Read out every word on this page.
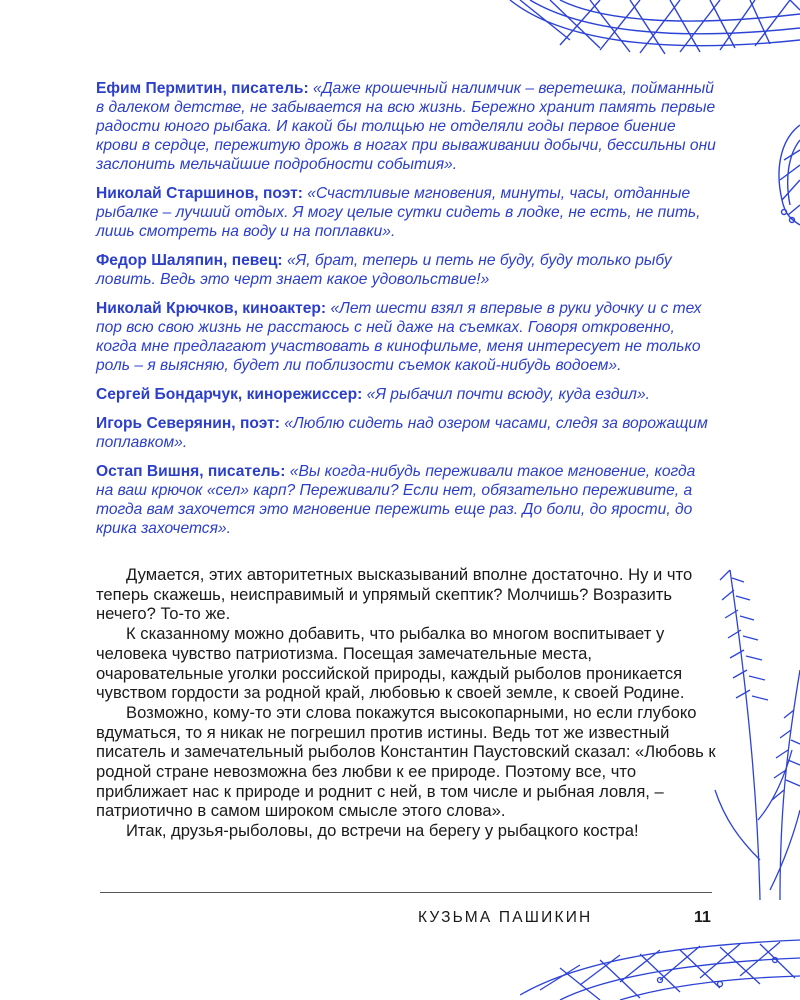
Ефим Пермитин, писатель: «Даже крошечный налимчик – веретешка, пойманный в далеком детстве, не забывается на всю жизнь. Бережно хранит память первые радости юного рыбака. И какой бы толщью не отделяли годы первое биение крови в сердце, пережитую дрожь в ногах при вываживании добычи, бессильны они заслонить мельчайшие подробности события».

Николай Старшинов, поэт: «Счастливые мгновения, минуты, часы, отданные рыбалке – лучший отдых. Я могу целые сутки сидеть в лодке, не есть, не пить, лишь смотреть на воду и на поплавки».

Федор Шаляпин, певец: «Я, брат, теперь и петь не буду, буду только рыбу ловить. Ведь это черт знает какое удовольствие!»

Николай Крючков, киноактер: «Лет шести взял я впервые в руки удочку и с тех пор всю свою жизнь не расстаюсь с ней даже на съемках. Говоря откровенно, когда мне предлагают участвовать в кинофильме, меня интересует не только роль – я выясняю, будет ли поблизости съемок какой-нибудь водоем».

Сергей Бондарчук, кинорежиссер: «Я рыбачил почти всюду, куда ездил».

Игорь Северянин, поэт: «Люблю сидеть над озером часами, следя за ворожащим поплавком».

Остап Вишня, писатель: «Вы когда-нибудь переживали такое мгновение, когда на ваш крючок «сел» карп? Переживали? Если нет, обязательно переживите, а тогда вам захочется это мгновение пережить еще раз. До боли, до ярости, до крика захочется».

Думается, этих авторитетных высказываний вполне достаточно. Ну и что теперь скажешь, неисправимый и упрямый скептик? Молчишь? Возразить нечего? То-то же.

К сказанному можно добавить, что рыбалка во многом воспитывает у человека чувство патриотизма. Посещая замечательные места, очаровательные уголки российской природы, каждый рыболов проникается чувством гордости за родной край, любовью к своей земле, к своей Родине.

Возможно, кому-то эти слова покажутся высокопарными, но если глубоко вдуматься, то я никак не погрешил против истины. Ведь тот же известный писатель и замечательный рыболов Константин Паустовский сказал: «Любовь к родной стране невозможна без любви к ее природе. Поэтому все, что приближает нас к природе и роднит с ней, в том числе и рыбная ловля, – патриотично в самом широком смысле этого слова».

Итак, друзья-рыболовы, до встречи на берегу у рыбацкого костра!

КУЗЬМА ПАШИКИН	11
